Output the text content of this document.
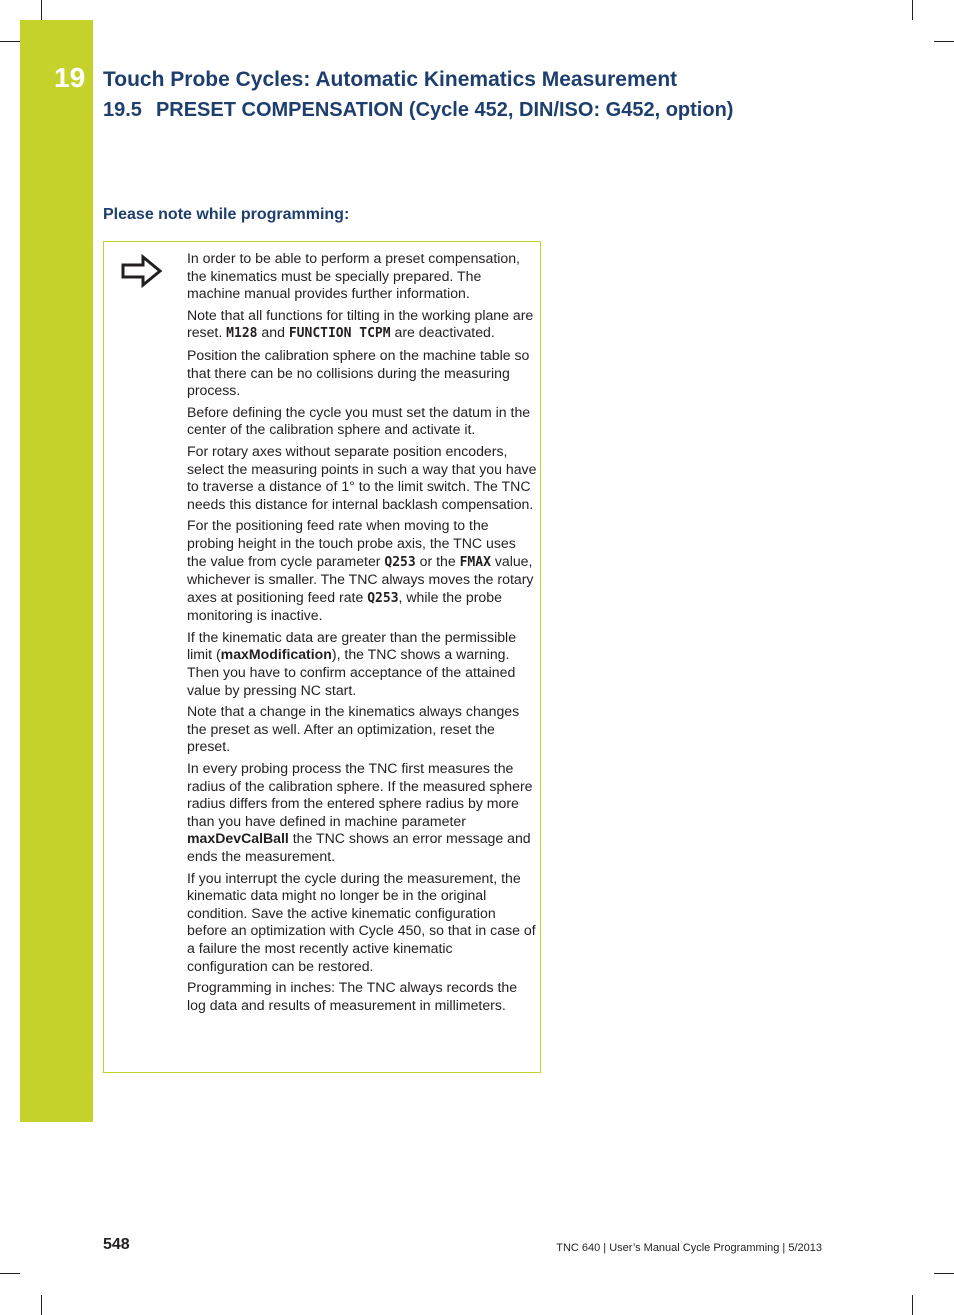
19 Touch Probe Cycles: Automatic Kinematics Measurement
19.5 PRESET COMPENSATION (Cycle 452, DIN/ISO: G452, option)
Please note while programming:

In order to be able to perform a preset compensation, the kinematics must be specially prepared. The machine manual provides further information.

Note that all functions for tilting in the working plane are reset. M128 and FUNCTION TCPM are deactivated.

Position the calibration sphere on the machine table so that there can be no collisions during the measuring process.

Before defining the cycle you must set the datum in the center of the calibration sphere and activate it.

For rotary axes without separate position encoders, select the measuring points in such a way that you have to traverse a distance of 1° to the limit switch. The TNC needs this distance for internal backlash compensation.

For the positioning feed rate when moving to the probing height in the touch probe axis, the TNC uses the value from cycle parameter Q253 or the FMAX value, whichever is smaller. The TNC always moves the rotary axes at positioning feed rate Q253, while the probe monitoring is inactive.

If the kinematic data are greater than the permissible limit (maxModification), the TNC shows a warning. Then you have to confirm acceptance of the attained value by pressing NC start.

Note that a change in the kinematics always changes the preset as well. After an optimization, reset the preset.

In every probing process the TNC first measures the radius of the calibration sphere. If the measured sphere radius differs from the entered sphere radius by more than you have defined in machine parameter maxDevCalBall the TNC shows an error message and ends the measurement.

If you interrupt the cycle during the measurement, the kinematic data might no longer be in the original condition. Save the active kinematic configuration before an optimization with Cycle 450, so that in case of a failure the most recently active kinematic configuration can be restored.

Programming in inches: The TNC always records the log data and results of measurement in millimeters.

548	TNC 640 | User’s Manual Cycle Programming | 5/2013
